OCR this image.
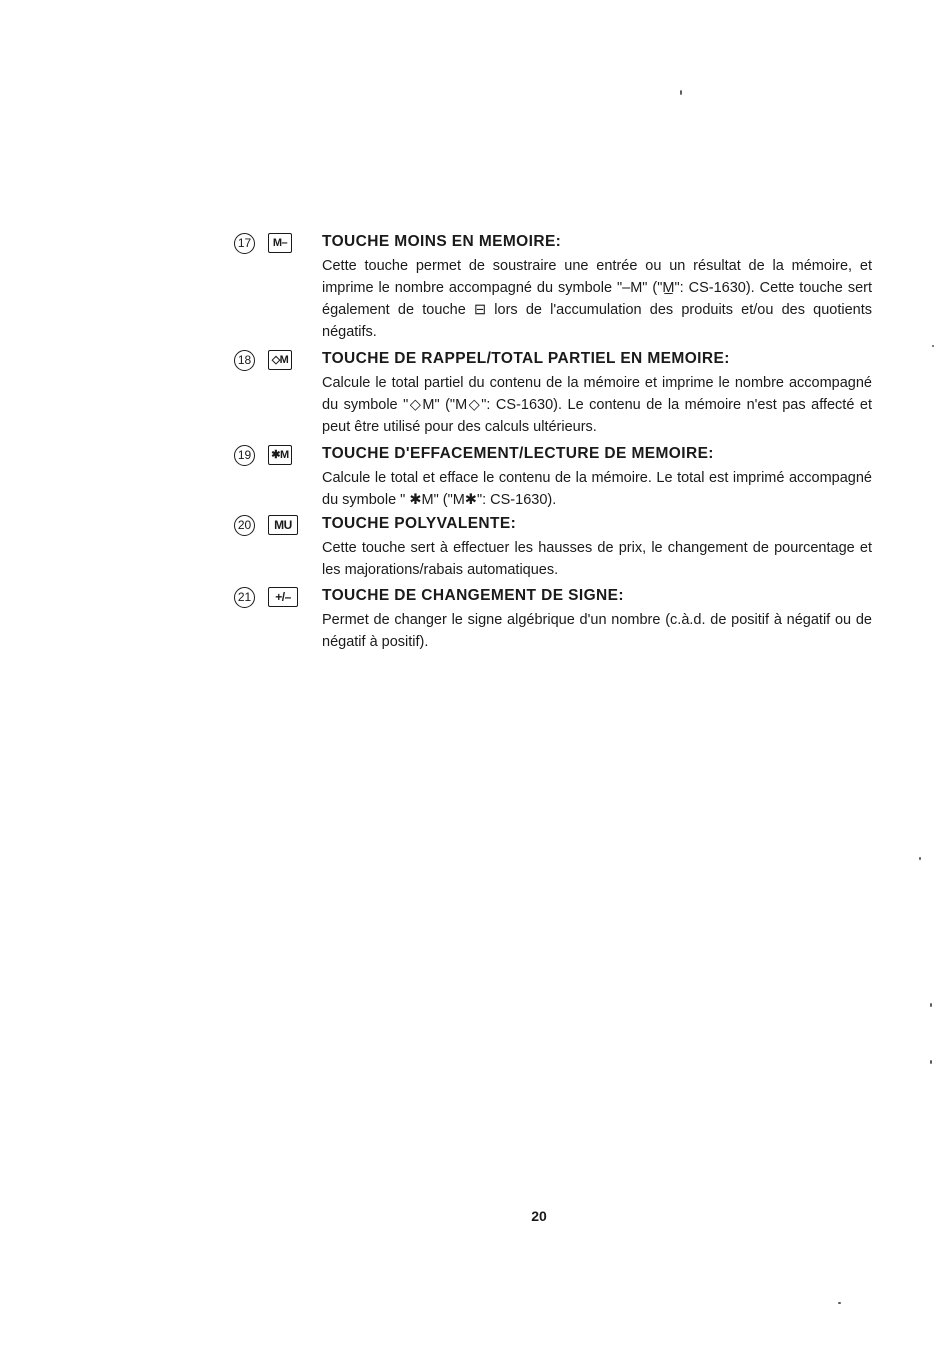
17	M–	TOUCHE MOINS EN MEMOIRE:

Cette touche permet de soustraire une entrée ou un résultat de la mémoire, et imprime le nombre accompagné du symbole "–M" ("M̲": CS-1630). Cette touche sert également de touche ⊟ lors de l'accumulation des produits et/ou des quotients négatifs.

18	◇M TOUCHE DE RAPPEL/TOTAL PARTIEL EN MEMOIRE:

Calcule le total partiel du contenu de la mémoire et imprime le nombre accompagné du symbole "◇M" ("M◇": CS-1630). Le contenu de la mémoire n'est pas affecté et peut être utilisé pour des calculs ultérieurs.

19	✱M TOUCHE D'EFFACEMENT/LECTURE DE MEMOIRE:

Calcule le total et efface le contenu de la mémoire. Le total est imprimé accompagné du symbole " ✱M" ("M✱": CS-1630).

20	MU	TOUCHE POLYVALENTE:

Cette touche sert à effectuer les hausses de prix, le changement de pourcentage et les majorations/rabais automatiques.

21	+/–	TOUCHE DE CHANGEMENT DE SIGNE:

Permet de changer le signe algébrique d'un nombre (c.à.d. de positif à négatif ou de négatif à positif).

20
